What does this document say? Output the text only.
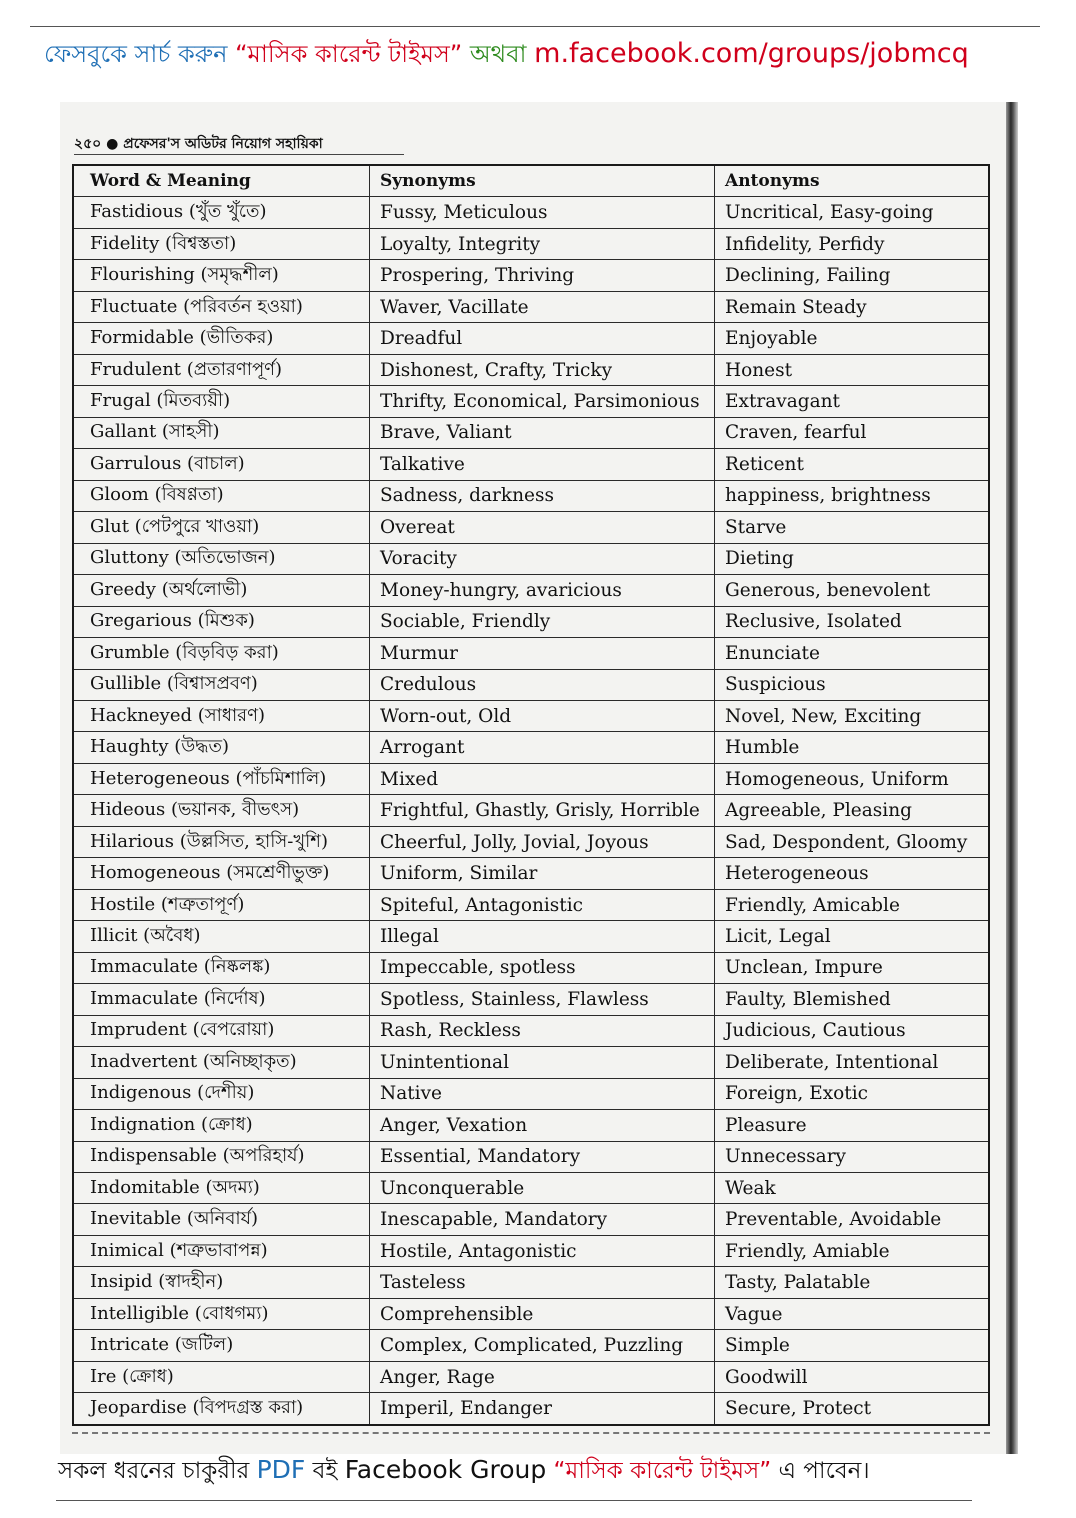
ফেসবুকে সার্চ করুন “মাসিক কারেন্ট টাইমস” অথবা m.facebook.com/groups/jobmcq
২৫০ ● প্রফেসর'স অডিটর নিয়োগ সহায়িকা
Word & Meaning	Synonyms	Antonyms
Fastidious (খুঁত খুঁতে)	Fussy, Meticulous	Uncritical, Easy-going
Fidelity (বিশ্বস্ততা)	Loyalty, Integrity	Infidelity, Perfidy
Flourishing (সমৃদ্ধশীল)	Prospering, Thriving	Declining, Failing
Fluctuate (পরিবর্তন হওয়া)	Waver, Vacillate	Remain Steady
Formidable (ভীতিকর)	Dreadful	Enjoyable
Frudulent (প্রতারণাপূর্ণ)	Dishonest, Crafty, Tricky	Honest
Frugal (মিতব্যয়ী)	Thrifty, Economical, Parsimonious	Extravagant
Gallant (সাহসী)	Brave, Valiant	Craven, fearful
Garrulous (বাচাল)	Talkative	Reticent
Gloom (বিষণ্ণতা)	Sadness, darkness	happiness, brightness
Glut (পেটপুরে খাওয়া)	Overeat	Starve
Gluttony (অতিভোজন)	Voracity	Dieting
Greedy (অর্থলোভী)	Money-hungry, avaricious	Generous, benevolent
Gregarious (মিশুক)	Sociable, Friendly	Reclusive, Isolated
Grumble (বিড়বিড় করা)	Murmur	Enunciate
Gullible (বিশ্বাসপ্রবণ)	Credulous	Suspicious
Hackneyed (সাধারণ)	Worn-out, Old	Novel, New, Exciting
Haughty (উদ্ধত)	Arrogant	Humble
Heterogeneous (পাঁচমিশালি)	Mixed	Homogeneous, Uniform
Hideous (ভয়ানক, বীভৎস)	Frightful, Ghastly, Grisly, Horrible	Agreeable, Pleasing
Hilarious (উল্লসিত, হাসি-খুশি)	Cheerful, Jolly, Jovial, Joyous	Sad, Despondent, Gloomy
Homogeneous (সমশ্রেণীভুক্ত)	Uniform, Similar	Heterogeneous
Hostile (শত্রুতাপূর্ণ)	Spiteful, Antagonistic	Friendly, Amicable
Illicit (অবৈধ)	Illegal	Licit, Legal
Immaculate (নিষ্কলঙ্ক)	Impeccable, spotless	Unclean, Impure
Immaculate (নির্দোষ)	Spotless, Stainless, Flawless	Faulty, Blemished
Imprudent (বেপরোয়া)	Rash, Reckless	Judicious, Cautious
Inadvertent (অনিচ্ছাকৃত)	Unintentional	Deliberate, Intentional
Indigenous (দেশীয়)	Native	Foreign, Exotic
Indignation (ক্রোধ)	Anger, Vexation	Pleasure
Indispensable (অপরিহার্য)	Essential, Mandatory	Unnecessary
Indomitable (অদম্য)	Unconquerable	Weak
Inevitable (অনিবার্য)	Inescapable, Mandatory	Preventable, Avoidable
Inimical (শত্রুভাবাপন্ন)	Hostile, Antagonistic	Friendly, Amiable
Insipid (স্বাদহীন)	Tasteless	Tasty, Palatable
Intelligible (বোধগম্য)	Comprehensible	Vague
Intricate (জটিল)	Complex, Complicated, Puzzling	Simple
Ire (ক্রোধ)	Anger, Rage	Goodwill
Jeopardise (বিপদগ্রস্ত করা)	Imperil, Endanger	Secure, Protect
সকল ধরনের চাকুরীর PDF বই Facebook Group “মাসিক কারেন্ট টাইমস” এ পাবেন।
